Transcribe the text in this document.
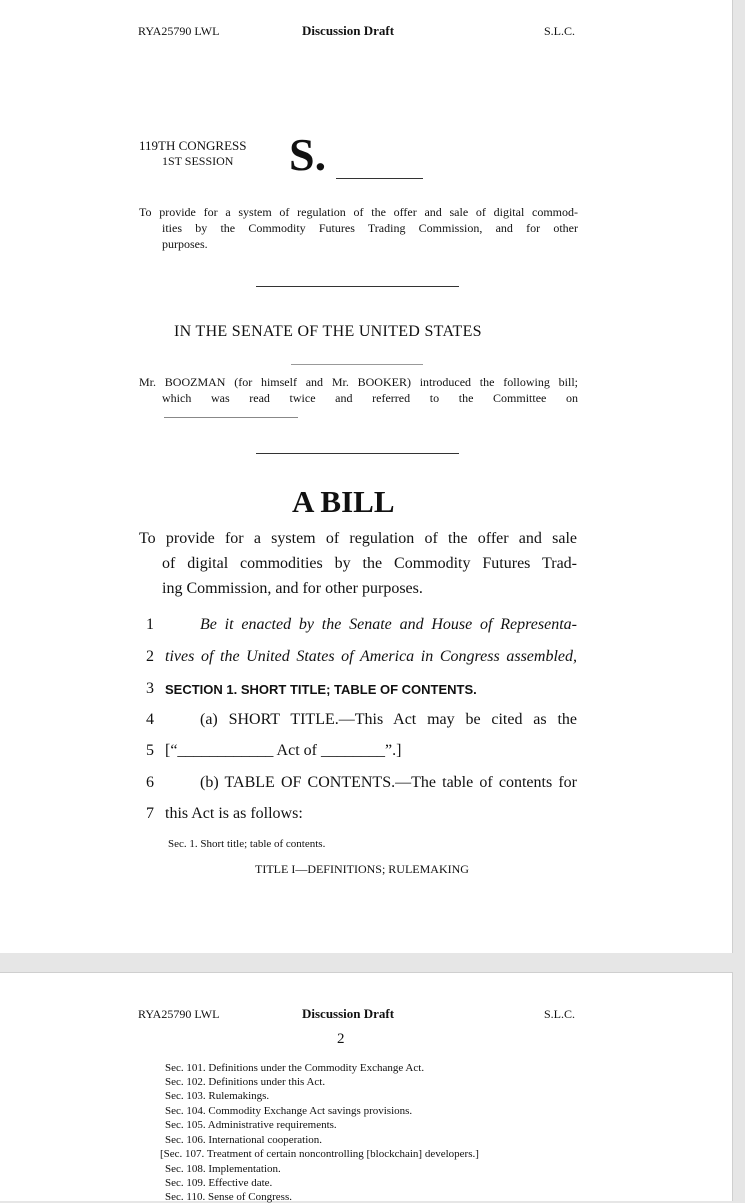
RYA25790 LWL	Discussion Draft	S.L.C.
119TH CONGRESS
1ST SESSION S.
To provide for a system of regulation of the offer and sale of digital commod-
ities by the Commodity Futures Trading Commission, and for other
purposes.
IN THE SENATE OF THE UNITED STATES
Mr. BOOZMAN (for himself and Mr. BOOKER) introduced the following bill;
which was read twice and referred to the Committee on
A BILL
To provide for a system of regulation of the offer and sale
of digital commodities by the Commodity Futures Trad-
ing Commission, and for other purposes.
1	Be it enacted by the Senate and House of Representa-
2 tives of the United States of America in Congress assembled,
3 SECTION 1. SHORT TITLE; TABLE OF CONTENTS.
4	(a) SHORT TITLE.—This Act may be cited as the
5 [“____________ Act of ________”.]
6	(b) TABLE OF CONTENTS.—The table of contents for
7 this Act is as follows:
Sec. 1. Short title; table of contents.
TITLE I—DEFINITIONS; RULEMAKING
RYA25790 LWL	Discussion Draft	S.L.C.
2
Sec. 101. Definitions under the Commodity Exchange Act.
Sec. 102. Definitions under this Act.
Sec. 103. Rulemakings.
Sec. 104. Commodity Exchange Act savings provisions.
Sec. 105. Administrative requirements.
Sec. 106. International cooperation.
[Sec. 107. Treatment of certain noncontrolling [blockchain] developers.]
Sec. 108. Implementation.
Sec. 109. Effective date.
Sec. 110. Sense of Congress.
